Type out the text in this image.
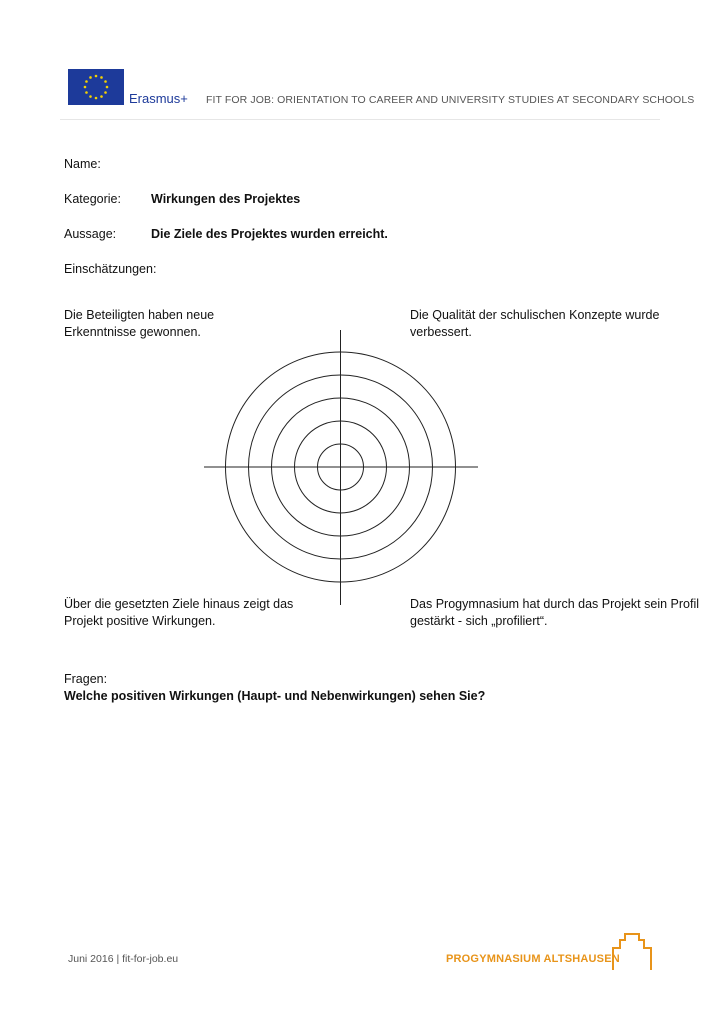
Erasmus+ FIT FOR JOB: ORIENTATION TO CAREER AND UNIVERSITY STUDIES AT SECONDARY SCHOOLS
Name:
Kategorie: Wirkungen des Projektes
Aussage:	Die Ziele des Projektes wurden erreicht.
Einschätzungen:
Die Beteiligten haben neue Erkenntnisse gewonnen.
Die Qualität der schulischen Konzepte wurde verbessert.
Über die gesetzten Ziele hinaus zeigt das Projekt positive Wirkungen.
Das Progymnasium hat durch das Projekt sein Profil gestärkt - sich „profiliert“.
Fragen:
Welche positiven Wirkungen (Haupt- und Nebenwirkungen) sehen Sie?
Juni 2016 | fit-for-job.eu	PROGYMNASIUM ALTSHAUSEN
